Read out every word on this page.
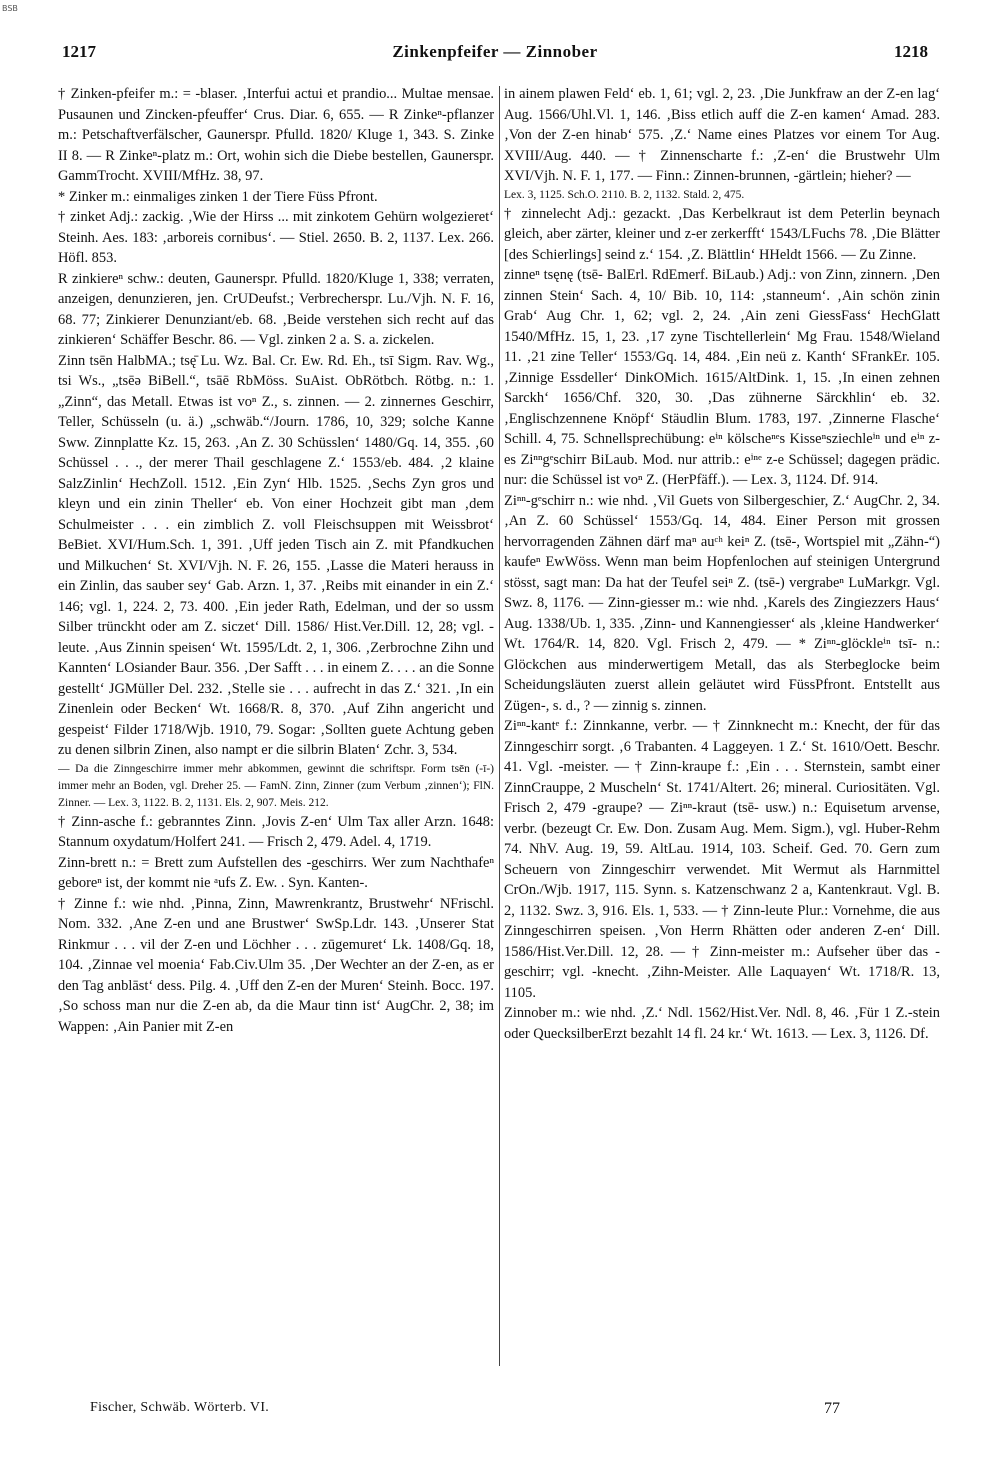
BSB
1217	Zinkenpfeifer — Zinnober	1218

† Zinken-pfeifer m.: = -blaser. ‚Interfui actui et prandio... Multae mensae. Pusaunen und Zincken-pfeuffer‘ Crus. Diar. 6, 655. — R Zinkeⁿ-pflanzer m.: Petschaftverfälscher, Gaunerspr. Pfulld. 1820/ Kluge 1, 343. S. Zinke II 8. — R Zinkeⁿ-platz m.: Ort, wohin sich die Diebe bestellen, Gaunerspr. GammTrocht. XVIII/MfHz. 38, 97.

* Zinker m.: einmaliges zinken 1 der Tiere Füss Pfront.

† zinket Adj.: zackig. ‚Wie der Hirss ... mit zinkotem Gehürn wolgezieret‘ Steinh. Aes. 183: ‚arboreis cornibus‘. — Stiel. 2650. B. 2, 1137. Lex. 266. Höfl. 853.

R zinkiereⁿ schw.: deuten, Gaunerspr. Pfulld. 1820/Kluge 1, 338; verraten, anzeigen, denunzieren, jen. CrUDeufst.; Verbrecherspr. Lu./Vjh. N. F. 16, 68. 77; Zinkierer Denunziant/eb. 68. ‚Beide verstehen sich recht auf das zinkieren‘ Schäffer Beschr. 86. — Vgl. zinken 2 a. S. a. zickelen.

Zinn tsēn HalbMA.; tsę̄ Lu. Wz. Bal. Cr. Ew. Rd. Eh., tsī Sigm. Rav. Wg., tsi Ws., „tsēə BiBell.“, tsāē RbMöss. SuAist. ObRötbch. Rötbg. n.: 1. „Zinn“, das Metall. Etwas ist voⁿ Z., s. zinnen. — 2. zinnernes Geschirr, Teller, Schüsseln (u. ä.) „schwäb.“/Journ. 1786, 10, 329; solche Kanne Sww. Zinnplatte Kz. 15, 263. ‚An Z. 30 Schüsslen‘ 1480/Gq. 14, 355. ‚60 Schüssel . . ., der merer Thail geschlagene Z.‘ 1553/eb. 484. ‚2 klaine SalzZinlin‘ HechZoll. 1512. ‚Ein Zyn‘ Hlb. 1525. ‚Sechs Zyn gros und kleyn und ein zinin Theller‘ eb. Von einer Hochzeit gibt man ‚dem Schulmeister . . . ein zimblich Z. voll Fleischsuppen mit Weissbrot‘ BeBiet. XVI/Hum.Sch. 1, 391. ‚Uff jeden Tisch ain Z. mit Pfandkuchen und Milkuchen‘ St. XVI/Vjh. N. F. 26, 155. ‚Lasse die Materi herauss in ein Zinlin, das sauber sey‘ Gab. Arzn. 1, 37. ‚Reibs mit einander in ein Z.‘ 146; vgl. 1, 224. 2, 73. 400. ‚Ein jeder Rath, Edelman, und der so ussm Silber trünckht oder am Z. siczet‘ Dill. 1586/ Hist.Ver.Dill. 12, 28; vgl. -leute. ‚Aus Zinnin speisen‘ Wt. 1595/Ldt. 2, 1, 306. ‚Zerbrochne Zihn und Kannten‘ LOsiander Baur. 356. ‚Der Safft . . . in einem Z. . . . an die Sonne gestellt‘ JGMüller Del. 232. ‚Stelle sie . . . aufrecht in das Z.‘ 321. ‚In ein Zinenlein oder Becken‘ Wt. 1668/R. 8, 370. ‚Auf Zihn angericht und gespeist‘ Filder 1718/Wjb. 1910, 79. Sogar: ‚Sollten guete Achtung geben zu denen silbrin Zinen, also nampt er die silbrin Blaten‘ Zchr. 3, 534.

— Da die Zinngeschirre immer mehr abkommen, gewinnt die schriftspr. Form tsēn (-ī-) immer mehr an Boden, vgl. Dreher 25. — FamN. Zinn, Zinner (zum Verbum ‚zinnen‘); FlN. Zinner. — Lex. 3, 1122. B. 2, 1131. Els. 2, 907. Meis. 212.

† Zinn-asche f.: gebranntes Zinn. ‚Jovis Z-en‘ Ulm Tax aller Arzn. 1648: Stannum oxydatum/Holfert 241. — Frisch 2, 479. Adel. 4, 1719.

Zinn-brett n.: = Brett zum Aufstellen des -geschirrs. Wer zum Nachthafeⁿ geboreⁿ ist, der kommt nie ᵃufs Z. Ew. . Syn. Kanten-.

† Zinne f.: wie nhd. ‚Pinna, Zinn, Mawrenkrantz, Brustwehr‘ NFrischl. Nom. 332. ‚Ane Z-en und ane Brustwer‘ SwSp.Ldr. 143. ‚Unserer Stat Rinkmur . . . vil der Z-en und Löchher . . . zūgemuret‘ Lk. 1408/Gq. 18, 104. ‚Zinnae vel moenia‘ Fab.Civ.Ulm 35. ‚Der Wechter an der Z-en, as er den Tag anblāst‘ dess. Pilg. 4. ‚Uff den Z-en der Muren‘ Steinh. Bocc. 197. ‚So schoss man nur die Z-en ab, da die Maur tinn ist‘ AugChr. 2, 38; im Wappen: ‚Ain Panier mit Z-en

in ainem plawen Feld‘ eb. 1, 61; vgl. 2, 23. ‚Die Junkfraw an der Z-en lag‘ Aug. 1566/Uhl.Vl. 1, 146. ‚Biss etlich auff die Z-en kamen‘ Amad. 283. ‚Von der Z-en hinab‘ 575. ‚Z.‘ Name eines Platzes vor einem Tor Aug. XVIII/Aug. 440. — † Zinnenscharte f.: ‚Z-en‘ die Brustwehr Ulm XVI/Vjh. N. F. 1, 177. — Finn.: Zinnen-brunnen, -gärtlein; hieher? —

Lex. 3, 1125. Sch.O. 2110. B. 2, 1132. Stald. 2, 475.

† zinnelecht Adj.: gezackt. ‚Das Kerbelkraut ist dem Peterlin beynach gleich, aber zärter, kleiner und z-er zerkerfft‘ 1543/LFuchs 78. ‚Die Blätter [des Schierlings] seind z.‘ 154. ‚Z. Blättlin‘ HHeldt 1566. — Zu Zinne.

zinneⁿ tsęnę (tsē- BalErl. RdEmerf. BiLaub.) Adj.: von Zinn, zinnern. ‚Den zinnen Stein‘ Sach. 4, 10/ Bib. 10, 114: ‚stanneum‘. ‚Ain schön zinin Grab‘ Aug Chr. 1, 62; vgl. 2, 24. ‚Ain zeni GiessFass‘ HechGlatt 1540/MfHz. 15, 1, 23. ‚17 zyne Tischtellerlein‘ Mg Frau. 1548/Wieland 11. ‚21 zine Teller‘ 1553/Gq. 14, 484. ‚Ein neü z. Kanth‘ SFrankEr. 105. ‚Zinnige Essdeller‘ DinkOMich. 1615/AltDink. 1, 15. ‚In einen zehnen Sarckh‘ 1656/Chf. 320, 30. ‚Das zühnerne Särckhlin‘ eb. 32. ‚Englischzennene Knöpf‘ Stäudlin Blum. 1783, 197. ‚Zinnerne Flasche‘ Schill. 4, 75. Schnellsprechübung: eⁱⁿ kölscheⁿᵉs Kisseⁿsziechleⁱⁿ und eⁱⁿ z-es Ziⁿⁿgᵉschirr BiLaub. Mod. nur attrib.: eⁱⁿᵉ z-e Schüssel; dagegen prädic. nur: die Schüssel ist voⁿ Z. (HerPfäff.). — Lex. 3, 1124. Df. 914.

Ziⁿⁿ-gᵉschirr n.: wie nhd. ‚Vil Guets von Silbergeschier, Z.‘ AugChr. 2, 34. ‚An Z. 60 Schüssel‘ 1553/Gq. 14, 484. Einer Person mit grossen hervorragenden Zähnen därf maⁿ auᶜʰ keiⁿ Z. (tsē-, Wortspiel mit „Zähn-“) kaufeⁿ EwWöss. Wenn man beim Hopfenlochen auf steinigen Untergrund stösst, sagt man: Da hat der Teufel seiⁿ Z. (tsē-) vergrabeⁿ LuMarkgr. Vgl. Swz. 8, 1176. — Zinn-giesser m.: wie nhd. ‚Karels des Zingiezzers Haus‘ Aug. 1338/Ub. 1, 335. ‚Zinn- und Kannengiesser‘ als ‚kleine Handwerker‘ Wt. 1764/R. 14, 820. Vgl. Frisch 2, 479. — * Ziⁿⁿ-glöckleⁱⁿ tsī- n.: Glöckchen aus minderwertigem Metall, das als Sterbeglocke beim Scheidungsläuten zuerst allein geläutet wird FüssPfront. Entstellt aus Zügen-, s. d., ? — zinnig s. zinnen.

Ziⁿⁿ-kantᵉ f.: Zinnkanne, verbr. — † Zinnknecht m.: Knecht, der für das Zinngeschirr sorgt. ‚6 Trabanten. 4 Laggeyen. 1 Z.‘ St. 1610/Oett. Beschr. 41. Vgl. -meister. — † Zinn-kraupe f.: ‚Ein . . . Sternstein, sambt einer ZinnCrauppe, 2 Muscheln‘ St. 1741/Altert. 26; mineral. Curiositäten. Vgl. Frisch 2, 479 -graupe? — Ziⁿⁿ-kraut (tsē- usw.) n.: Equisetum arvense, verbr. (bezeugt Cr. Ew. Don. Zusam Aug. Mem. Sigm.), vgl. Huber-Rehm 74. NhV. Aug. 19, 59. AltLau. 1914, 103. Scheif. Ged. 70. Gern zum Scheuern von Zinngeschirr verwendet. Mit Wermut als Harnmittel CrOn./Wjb. 1917, 115. Synn. s. Katzenschwanz 2 a, Kantenkraut. Vgl. B. 2, 1132. Swz. 3, 916. Els. 1, 533. — † Zinn-leute Plur.: Vornehme, die aus Zinngeschirren speisen. ‚Von Herrn Rhätten oder anderen Z-en‘ Dill. 1586/Hist.Ver.Dill. 12, 28. — † Zinn-meister m.: Aufseher über das -geschirr; vgl. -knecht. ‚Zihn-Meister. Alle Laquayen‘ Wt. 1718/R. 13, 1105.

Zinnober m.: wie nhd. ‚Z.‘ Ndl. 1562/Hist.Ver. Ndl. 8, 46. ‚Für 1 Z.-stein oder QuecksilberErzt bezahlt 14 fl. 24 kr.‘ Wt. 1613. — Lex. 3, 1126. Df.

Fischer, Schwäb. Wörterb. VI.	77
